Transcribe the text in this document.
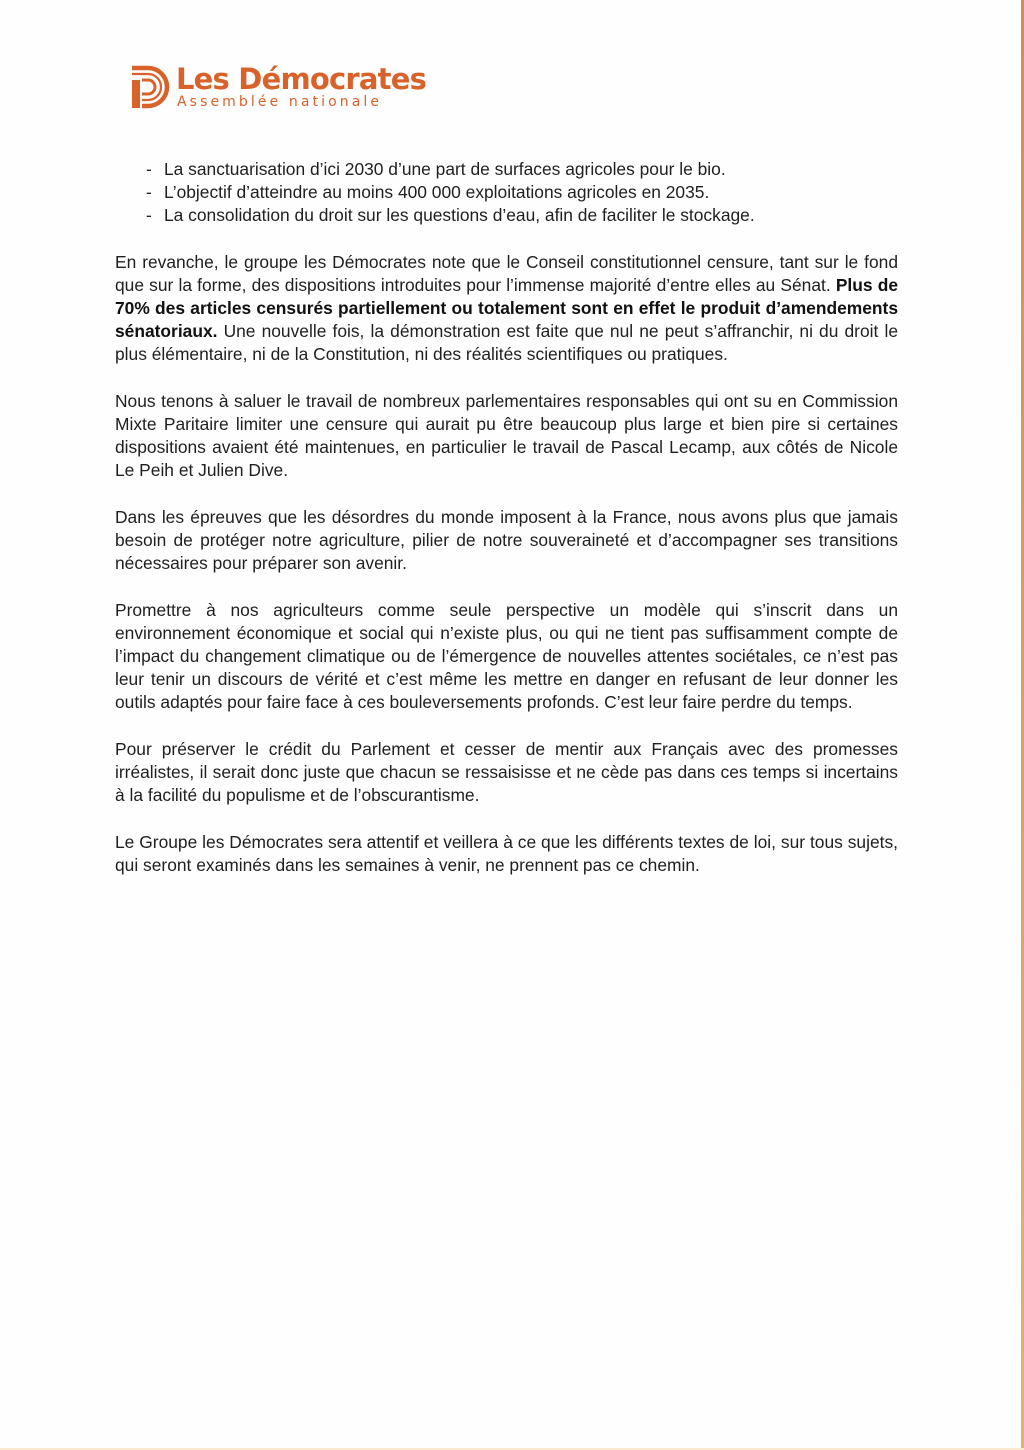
Les Démocrates
Assemblée nationale
- La sanctuarisation d’ici 2030 d’une part de surfaces agricoles pour le bio.
- L’objectif d’atteindre au moins 400 000 exploitations agricoles en 2035.
- La consolidation du droit sur les questions d’eau, afin de faciliter le stockage.

En revanche, le groupe les Démocrates note que le Conseil constitutionnel censure, tant sur le fond que sur la forme, des dispositions introduites pour l’immense majorité d’entre elles au Sénat. Plus de 70% des articles censurés partiellement ou totalement sont en effet le produit d’amendements sénatoriaux. Une nouvelle fois, la démonstration est faite que nul ne peut s’affranchir, ni du droit le plus élémentaire, ni de la Constitution, ni des réalités scientifiques ou pratiques.

Nous tenons à saluer le travail de nombreux parlementaires responsables qui ont su en Commission Mixte Paritaire limiter une censure qui aurait pu être beaucoup plus large et bien pire si certaines dispositions avaient été maintenues, en particulier le travail de Pascal Lecamp, aux côtés de Nicole Le Peih et Julien Dive.

Dans les épreuves que les désordres du monde imposent à la France, nous avons plus que jamais besoin de protéger notre agriculture, pilier de notre souveraineté et d’accompagner ses transitions nécessaires pour préparer son avenir.

Promettre à nos agriculteurs comme seule perspective un modèle qui s’inscrit dans un environnement économique et social qui n’existe plus, ou qui ne tient pas suffisamment compte de l’impact du changement climatique ou de l’émergence de nouvelles attentes sociétales, ce n’est pas leur tenir un discours de vérité et c’est même les mettre en danger en refusant de leur donner les outils adaptés pour faire face à ces bouleversements profonds. C’est leur faire perdre du temps.

Pour préserver le crédit du Parlement et cesser de mentir aux Français avec des promesses irréalistes, il serait donc juste que chacun se ressaisisse et ne cède pas dans ces temps si incertains à la facilité du populisme et de l’obscurantisme.

Le Groupe les Démocrates sera attentif et veillera à ce que les différents textes de loi, sur tous sujets, qui seront examinés dans les semaines à venir, ne prennent pas ce chemin.
